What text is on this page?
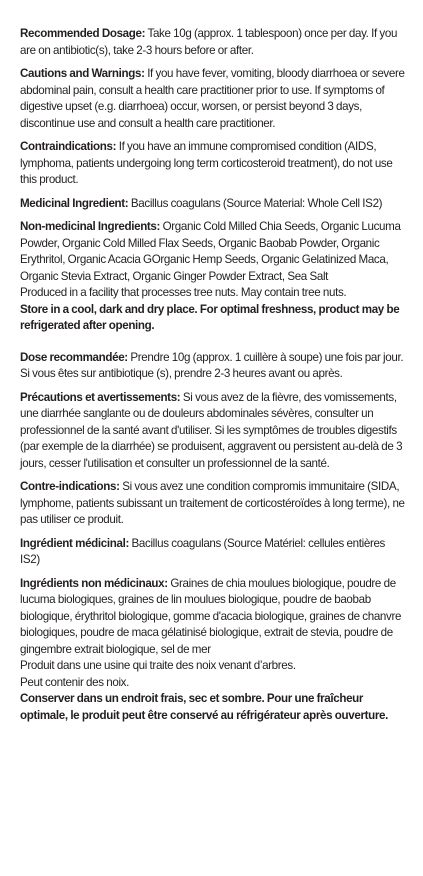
Recommended Dosage: Take 10g (approx. 1 tablespoon) once per day. If you are on antibiotic(s), take 2-3 hours before or after.

Cautions and Warnings: If you have fever, vomiting, bloody diarrhoea or severe abdominal pain, consult a health care practitioner prior to use. If symptoms of digestive upset (e.g. diarrhoea) occur, worsen, or persist beyond 3 days, discontinue use and consult a health care practitioner.

Contraindications: If you have an immune compromised condition (AIDS, lymphoma, patients undergoing long term corticosteroid treatment), do not use this product.

Medicinal Ingredient: Bacillus coagulans (Source Material: Whole Cell IS2)

Non-medicinal Ingredients: Organic Cold Milled Chia Seeds, Organic Lucuma Powder, Organic Cold Milled Flax Seeds, Organic Baobab Powder, Organic Erythritol, Organic Acacia GOrganic Hemp Seeds, Organic Gelatinized Maca, Organic Stevia Extract, Organic Ginger Powder Extract, Sea Salt

Produced in a facility that processes tree nuts. May contain tree nuts.

Store in a cool, dark and dry place. For optimal freshness, product may be refrigerated after opening.

Dose recommandée: Prendre 10g (approx. 1 cuillère à soupe) une fois par jour. Si vous êtes sur antibiotique (s), prendre 2-3 heures avant ou après.

Précautions et avertissements: Si vous avez de la fièvre, des vomissements, une diarrhée sanglante ou de douleurs abdominales sévères, consulter un professionnel de la santé avant d'utiliser. Si les symptômes de troubles digestifs (par exemple de la diarrhée) se produisent, aggravent ou persistent au-delà de 3 jours, cesser l'utilisation et consulter un professionnel de la santé.

Contre-indications: Si vous avez une condition compromis immunitaire (SIDA, lymphome, patients subissant un traitement de corticostéroïdes à long terme), ne pas utiliser ce produit.

Ingrédient médicinal: Bacillus coagulans (Source Matériel: cellules entières IS2)

Ingrédients non médicinaux: Graines de chia moulues biologique, poudre de lucuma biologiques, graines de lin moulues biologique, poudre de baobab biologique, érythritol biologique, gomme d'acacia biologique, graines de chanvre biologiques, poudre de maca gélatinisé biologique, extrait de stevia, poudre de gingembre extrait biologique, sel de mer

Produit dans une usine qui traite des noix venant d’arbres.

Peut contenir des noix.

Conserver dans un endroit frais, sec et sombre. Pour une fraîcheur optimale, le produit peut être conservé au réfrigérateur après ouverture.
